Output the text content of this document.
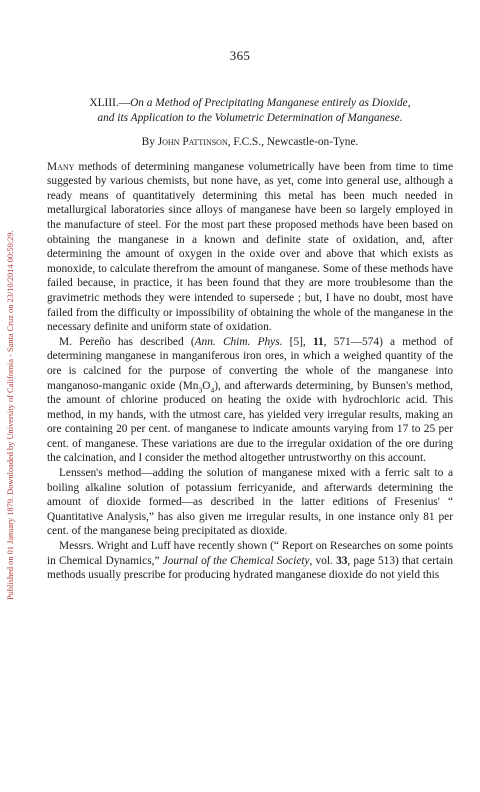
Published on 01 January 1879. Downloaded by University of California - Santa Cruz on 23/10/2014 00:59:29.
365
XLIII.—On a Method of Precipitating Manganese entirely as Dioxide,
and its Application to the Volumetric Determination of Manganese.
By John Pattinson, F.C.S., Newcastle-on-Tyne.

Many methods of determining manganese volumetrically have been from time to time suggested by various chemists, but none have, as yet, come into general use, although a ready means of quantitatively determining this metal has been much needed in metallurgical laboratories since alloys of manganese have been so largely employed in the manufacture of steel. For the most part these proposed methods have been based on obtaining the manganese in a known and definite state of oxidation, and, after determining the amount of oxygen in the oxide over and above that which exists as monoxide, to calculate therefrom the amount of manganese. Some of these methods have failed because, in practice, it has been found that they are more troublesome than the gravimetric methods they were intended to supersede ; but, I have no doubt, most have failed from the difficulty or impossibility of obtaining the whole of the manganese in the necessary definite and uniform state of oxidation.

M. Pereño has described (Ann. Chim. Phys. [5], 11, 571—574) a method of determining manganese in manganiferous iron ores, in which a weighed quantity of the ore is calcined for the purpose of converting the whole of the manganese into manganoso-manganic oxide $(Mn_3O_4)$, and afterwards determining, by Bunsen's method, the amount of chlorine produced on heating the oxide with hydrochloric acid. This method, in my hands, with the utmost care, has yielded very irregular results, making an ore containing 20 per cent. of manganese to indicate amounts varying from 17 to 25 per cent. of manganese. These variations are due to the irregular oxidation of the ore during the calcination, and I consider the method altogether untrustworthy on this account.

Lenssen's method—adding the solution of manganese mixed with a ferric salt to a boiling alkaline solution of potassium ferricyanide, and afterwards determining the amount of dioxide formed—as described in the latter editions of Fresenius' “ Quantitative Analysis,” has also given me irregular results, in one instance only 81 per cent. of the manganese being precipitated as dioxide.

Messrs. Wright and Luff have recently shown (“ Report on Researches on some points in Chemical Dynamics,” Journal of the Chemical Society, vol. 33, page 513) that certain methods usually prescribe for producing hydrated manganese dioxide do not yield this
